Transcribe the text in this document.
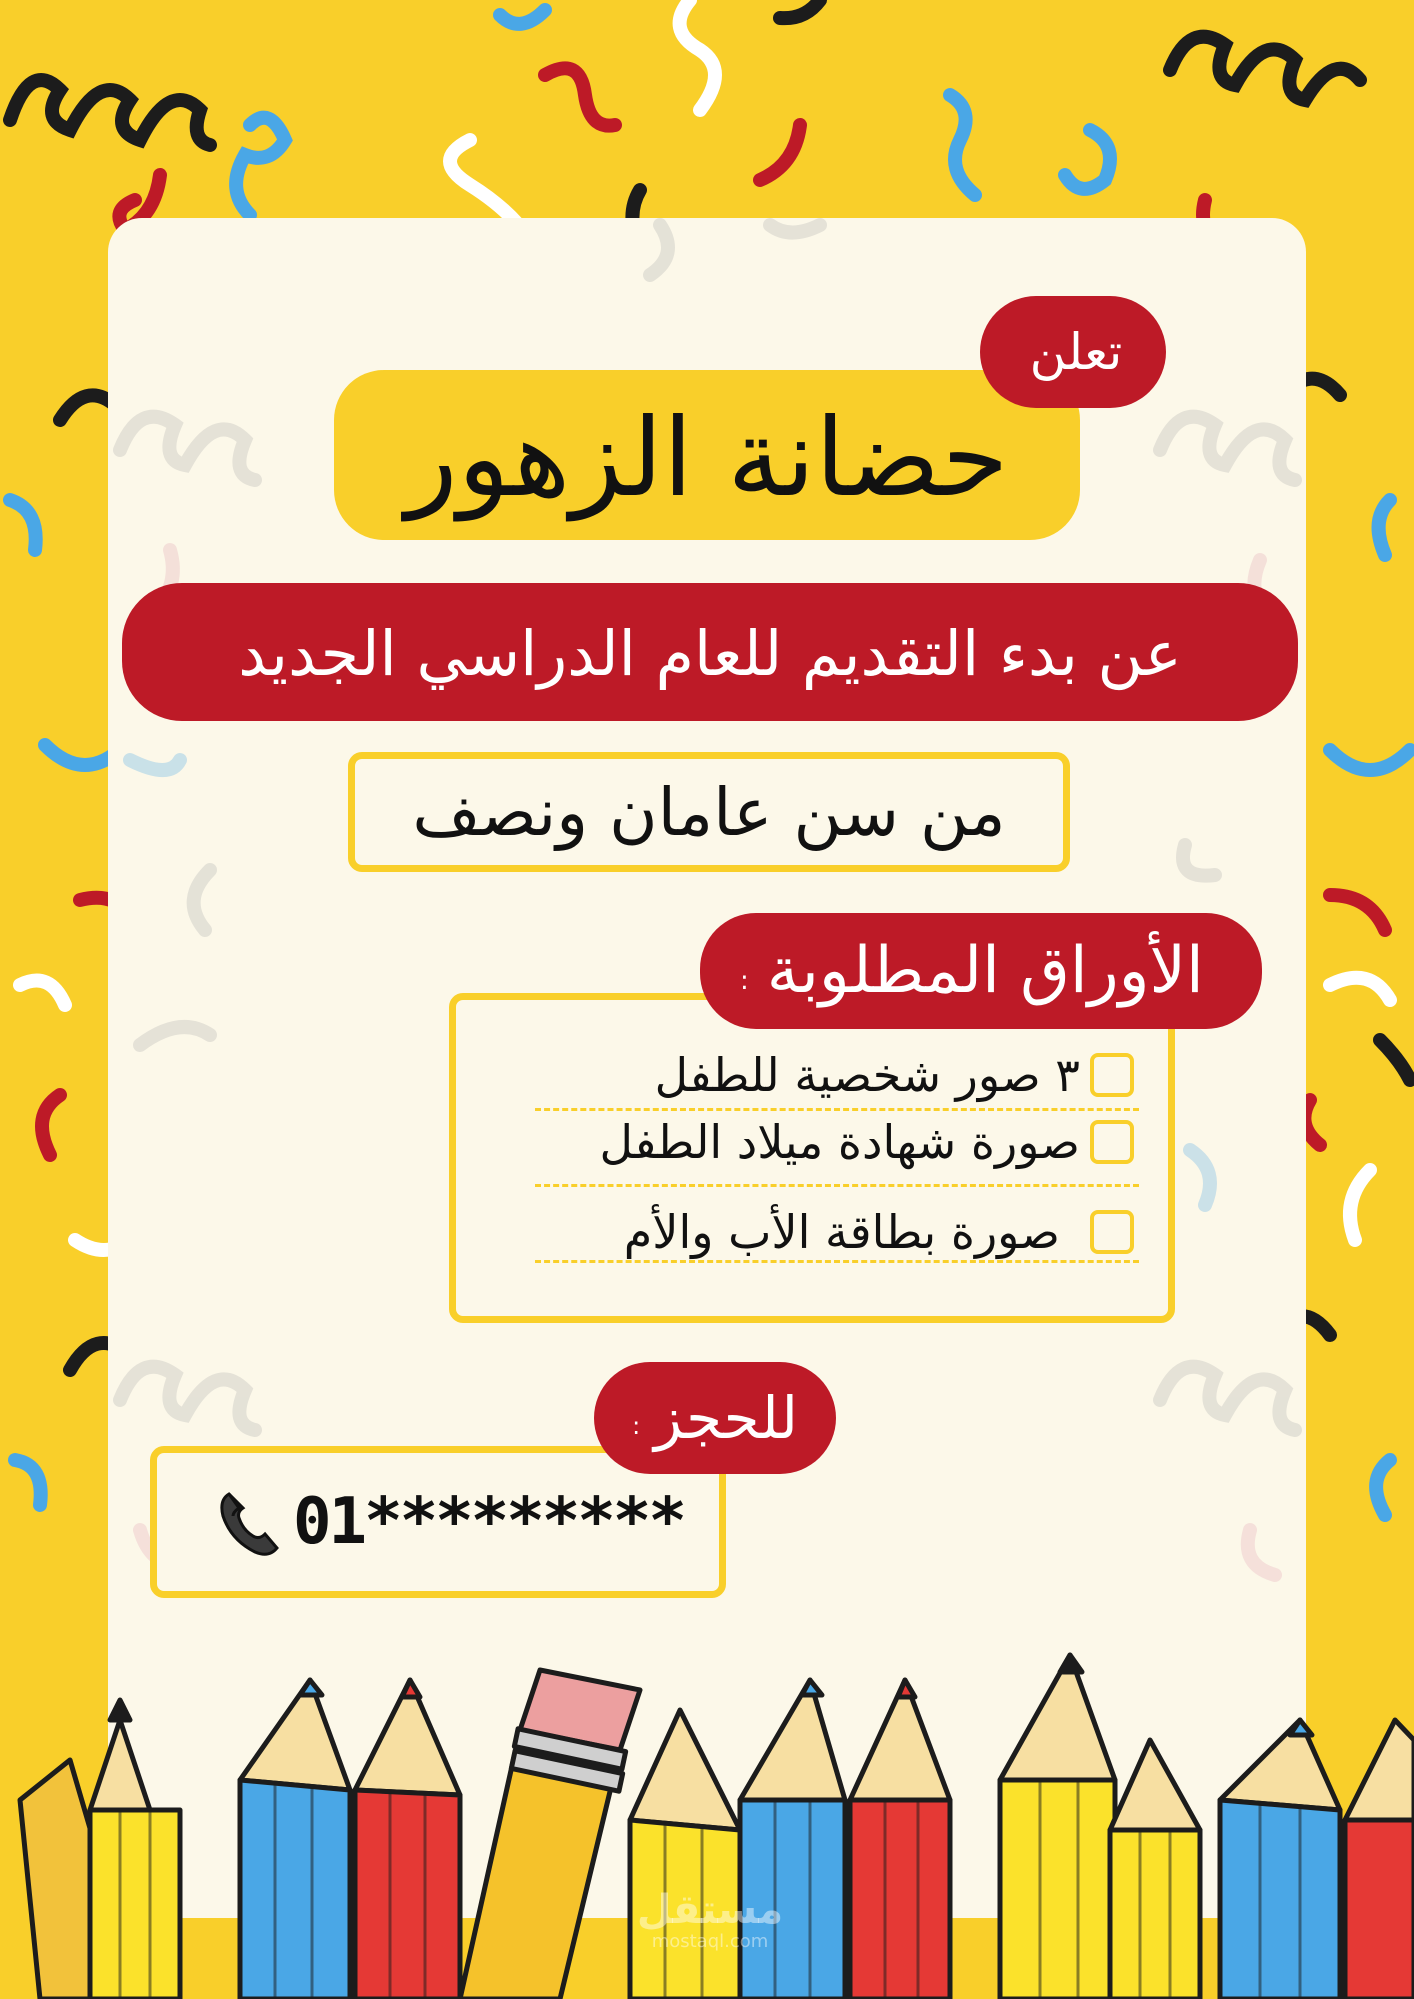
حضانة الزهور
تعلن
عن بدء التقديم للعام الدراسي الجديد
من سن عامان ونصف
الأوراق المطلوبة
:
٣ صور شخصية للطفل
صورة شهادة ميلاد الطفل
صورة بطاقة الأب والأم
01*********
للحجز
:
مستقل
mostaql.com
